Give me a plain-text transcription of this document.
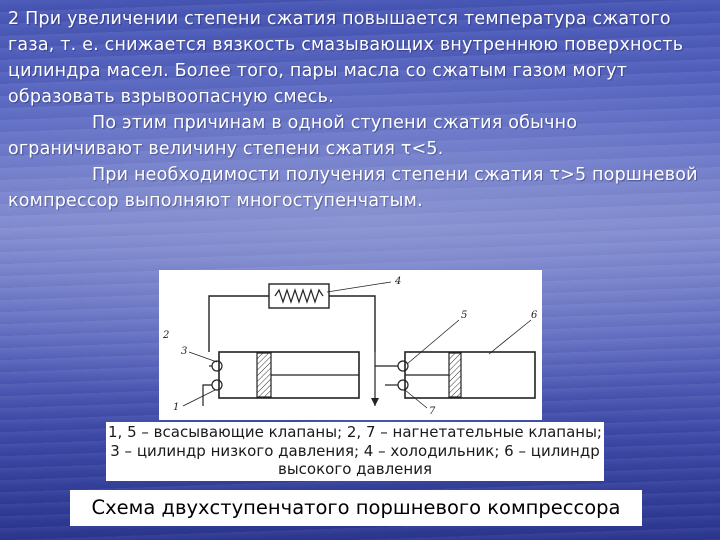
2 При увеличении степени сжатия повышается температура сжатого газа, т. е. снижается вязкость смазывающих внутреннюю поверхность цилиндра масел. Более того, пары масла со сжатым газом могут образовать взрывоопасную смесь.

По этим причинам в одной ступени сжатия обычно ограничивают величину степени сжатия τ<5.

При необходимости получения степени сжатия τ>5 поршневой компрессор выполняют многоступенчатым.

4
5	6
2
3
1	7
1, 5 – всасывающие клапаны; 2, 7 – нагнетательные клапаны; 3 – цилиндр низкого давления; 4 – холодильник; 6 – цилиндр высокого давления
Схема двухступенчатого поршневого компрессора
